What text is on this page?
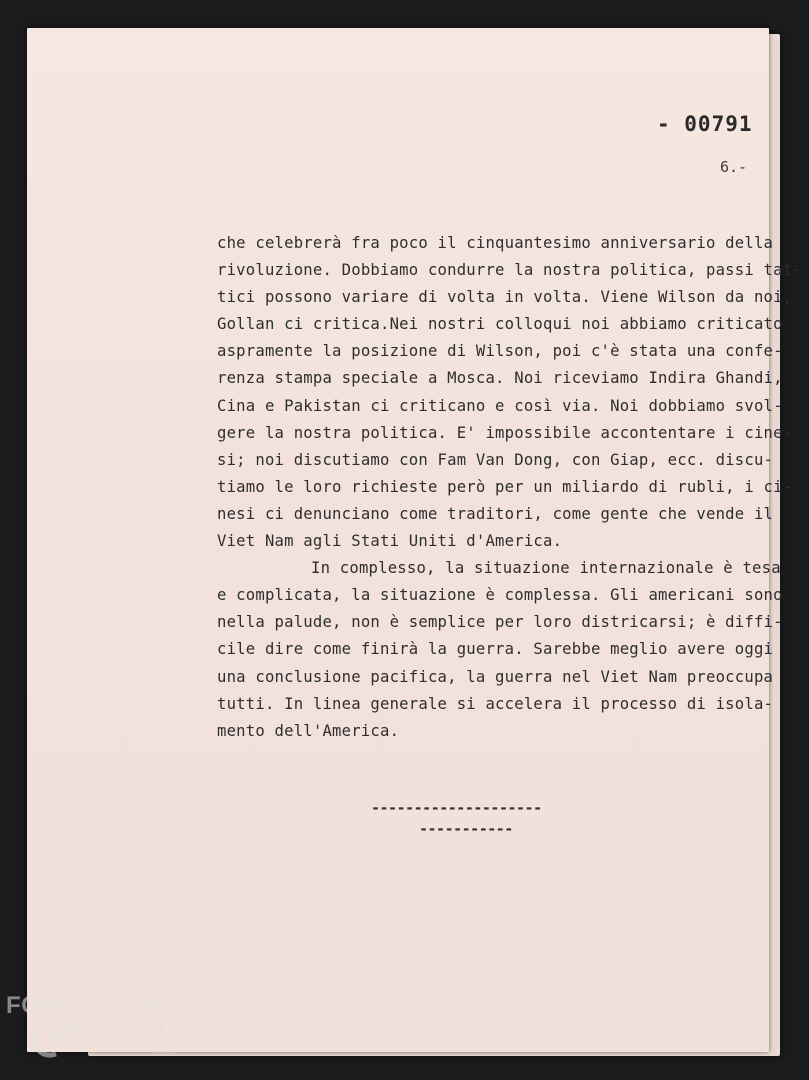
- 00791
6.-
che celebrerà fra poco il cinquantesimo anniversario della
rivoluzione. Dobbiamo condurre la nostra politica, passi tat-
tici possono variare di volta in volta. Viene Wilson da noi,
Gollan ci critica.Nei nostri colloqui noi abbiamo criticato
aspramente la posizione di Wilson, poi c'è stata una confe-
renza stampa speciale a Mosca. Noi riceviamo Indira Ghandi,
Cina e Pakistan ci criticano e così via. Noi dobbiamo svol-
gere la nostra politica. E' impossibile accontentare i cine-
si; noi discutiamo con Fam Van Dong, con Giap, ecc. discu-
tiamo le loro richieste però per un miliardo di rubli, i ci-
nesi ci denunciano come traditori, come gente che vende il
Viet Nam agli Stati Uniti d'America.
In complesso, la situazione internazionale è tesa
e complicata, la situazione è complessa. Gli americani sono
nella palude, non è semplice per loro districarsi; è diffi-
cile dire come finirà la guerra. Sarebbe meglio avere oggi
una conclusione pacifica, la guerra nel Viet Nam preoccupa
tutti. In linea generale si accelera il processo di isola-
mento dell'America.
--------------------
-----------
FONDAZIONE
GRAMSCI
onlus
